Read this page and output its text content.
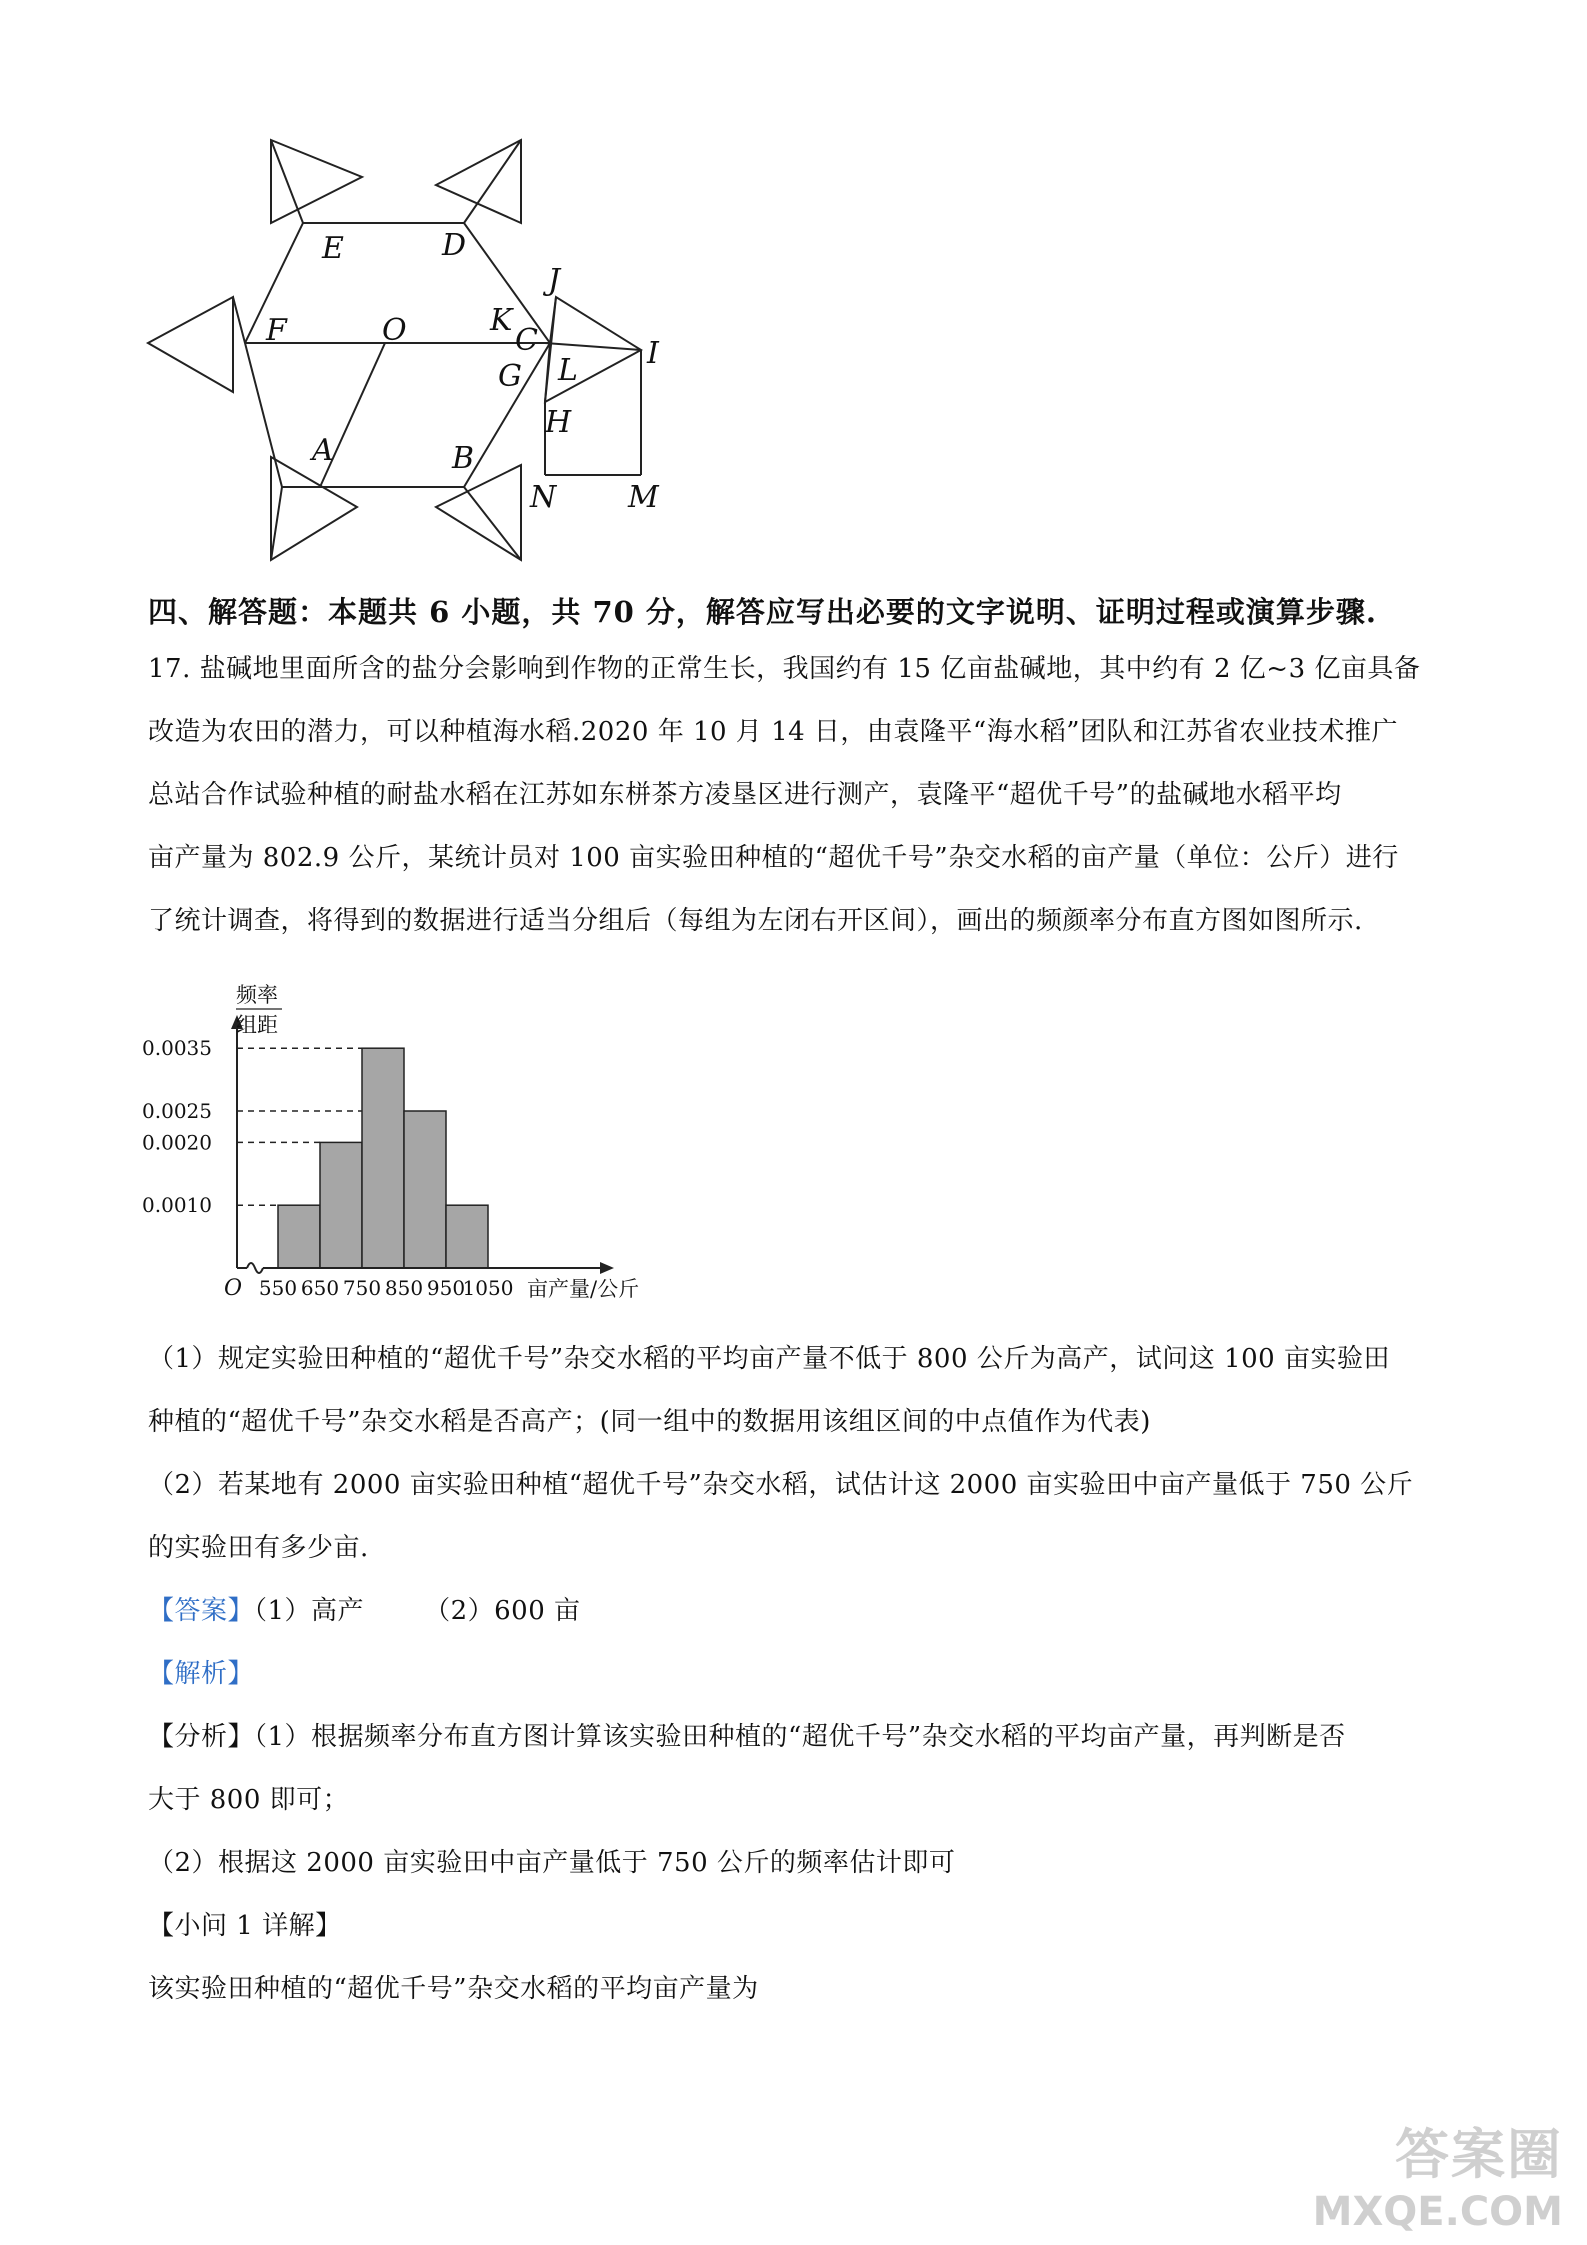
E	D
F	O	K
C
J
G L I
H
A	B
N M
四、解答题：本题共 6 小题，共 70 分，解答应写出必要的文字说明、证明过程或演算步骤.
17. 盐碱地里面所含的盐分会影响到作物的正常生长，我国约有 15 亿亩盐碱地，其中约有 2 亿~3 亿亩具备
改造为农田的潜力，可以种植海水稻.2020 年 10 月 14 日，由袁隆平“海水稻”团队和江苏省农业技术推广
总站合作试验种植的耐盐水稻在江苏如东栟茶方凌垦区进行测产，袁隆平“超优千号”的盐碱地水稻平均
亩产量为 802.9 公斤，某统计员对 100 亩实验田种植的“超优千号”杂交水稻的亩产量（单位：公斤）进行
了统计调查，将得到的数据进行适当分组后（每组为左闭右开区间），画出的频颜率分布直方图如图所示.
0.0010
0.0020
0.0025
0.0035
550 650 750 850 950
1050
O
频率
组距
亩产量/公斤
（1）规定实验田种植的“超优千号”杂交水稻的平均亩产量不低于 800 公斤为高产，试问这 100 亩实验田
种植的“超优千号”杂交水稻是否高产；(同一组中的数据用该组区间的中点值作为代表)
（2）若某地有 2000 亩实验田种植“超优千号”杂交水稻，试估计这 2000 亩实验田中亩产量低于 750 公斤
的实验田有多少亩.
【答案】（1）高产 （2）600 亩
【解析】
【分析】（1）根据频率分布直方图计算该实验田种植的“超优千号”杂交水稻的平均亩产量，再判断是否
大于 800 即可；
（2）根据这 2000 亩实验田中亩产量低于 750 公斤的频率估计即可
【小问 1 详解】
该实验田种植的“超优千号”杂交水稻的平均亩产量为
答案圈
MXQE.COM
